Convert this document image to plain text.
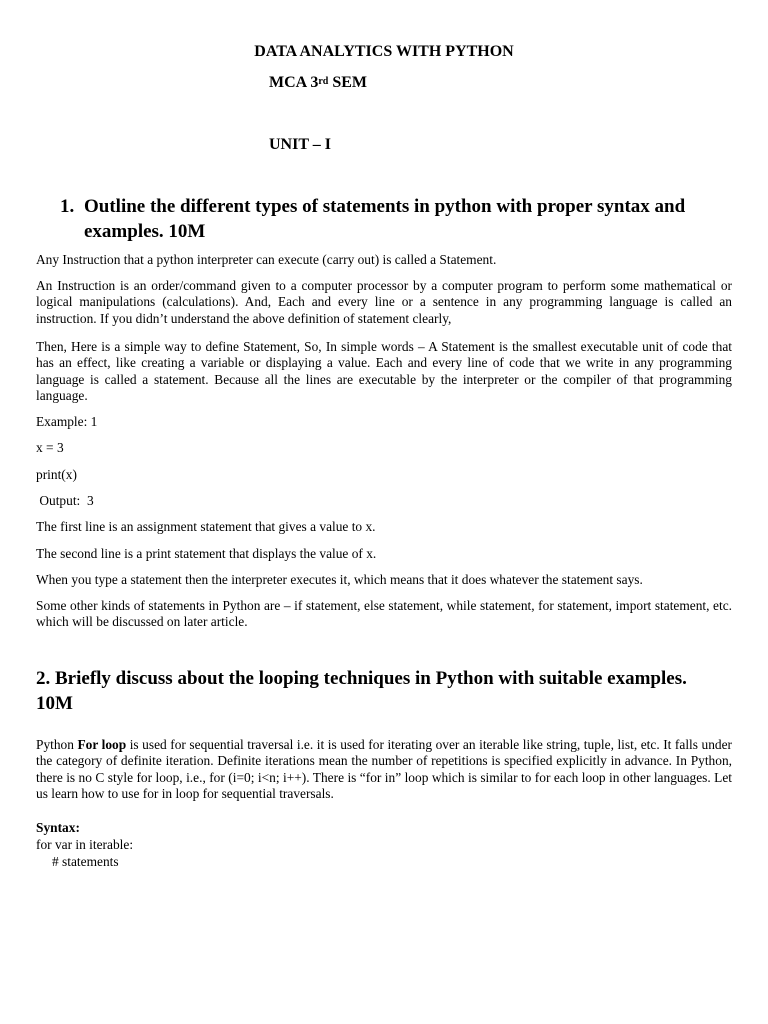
DATA ANALYTICS WITH PYTHON
MCA 3rd SEM
UNIT – I
1. Outline the different types of statements in python with proper syntax and examples. 10M
Any Instruction that a python interpreter can execute (carry out) is called a Statement.
An Instruction is an order/command given to a computer processor by a computer program to perform some mathematical or logical manipulations (calculations). And, Each and every line or a sentence in any programming language is called an instruction. If you didn’t understand the above definition of statement clearly,
Then, Here is a simple way to define Statement, So, In simple words – A Statement is the smallest executable unit of code that has an effect, like creating a variable or displaying a value. Each and every line of code that we write in any programming language is called a statement. Because all the lines are executable by the interpreter or the compiler of that programming language.
Example: 1
x = 3
print(x)
Output:  3
The first line is an assignment statement that gives a value to x.
The second line is a print statement that displays the value of x.
When you type a statement then the interpreter executes it, which means that it does whatever the statement says.
Some other kinds of statements in Python are – if statement, else statement, while statement, for statement, import statement, etc. which will be discussed on later article.
2. Briefly discuss about the looping techniques in Python with suitable examples.
10M
Python For loop is used for sequential traversal i.e. it is used for iterating over an iterable like string, tuple, list, etc. It falls under the category of definite iteration. Definite iterations mean the number of repetitions is specified explicitly in advance. In Python, there is no C style for loop, i.e., for (i=0; i<n; i++). There is “for in” loop which is similar to for each loop in other languages. Let us learn how to use for in loop for sequential traversals.
Syntax:
for var in iterable:
# statements
